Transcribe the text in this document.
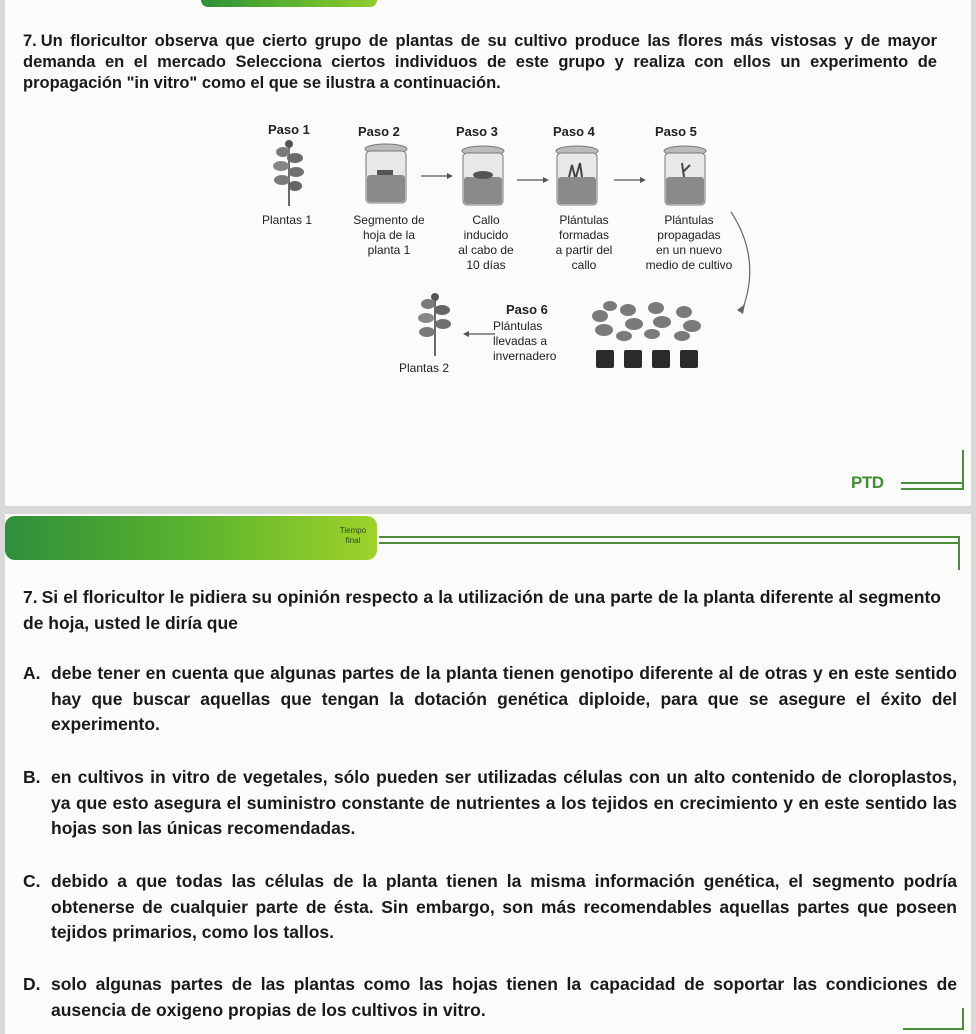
7. Un floricultor observa que cierto grupo de plantas de su cultivo produce las flores más vistosas y de mayor demanda en el mercado Selecciona ciertos individuos de este grupo y realiza con ellos un experimento de propagación "in vitro" como el que se ilustra a continuación.

Paso 1	Paso 2	Paso 3	Paso 4	Paso 5
Plantas 1	Segmento de
hoja de la
planta 1
Callo
inducido
al cabo de
10 días
Plántulas
formadas
a partir del
callo
Plántulas
propagadas
en un nuevo
medio de cultivo
Plantas 2
Paso 6
Plántulas
llevadas a
invernadero
PTD
Tiempo
final

7. Si el floricultor le pidiera su opinión respecto a la utilización de una parte de la planta diferente al segmento de hoja, usted le diría que

A. debe tener en cuenta que algunas partes de la planta tienen genotipo diferente al de otras y en este sentido hay que buscar aquellas que tengan la dotación genética diploide, para que se asegure el éxito del experimento.

B. en cultivos in vitro de vegetales, sólo pueden ser utilizadas células con un alto contenido de cloroplastos, ya que esto asegura el suministro constante de nutrientes a los tejidos en crecimiento y en este sentido las hojas son las únicas recomendadas.

C. debido a que todas las células de la planta tienen la misma información genética, el segmento podría obtenerse de cualquier parte de ésta. Sin embargo, son más recomendables aquellas partes que poseen tejidos primarios, como los tallos.

D. solo algunas partes de las plantas como las hojas tienen la capacidad de soportar las condiciones de ausencia de oxigeno propias de los cultivos in vitro.
